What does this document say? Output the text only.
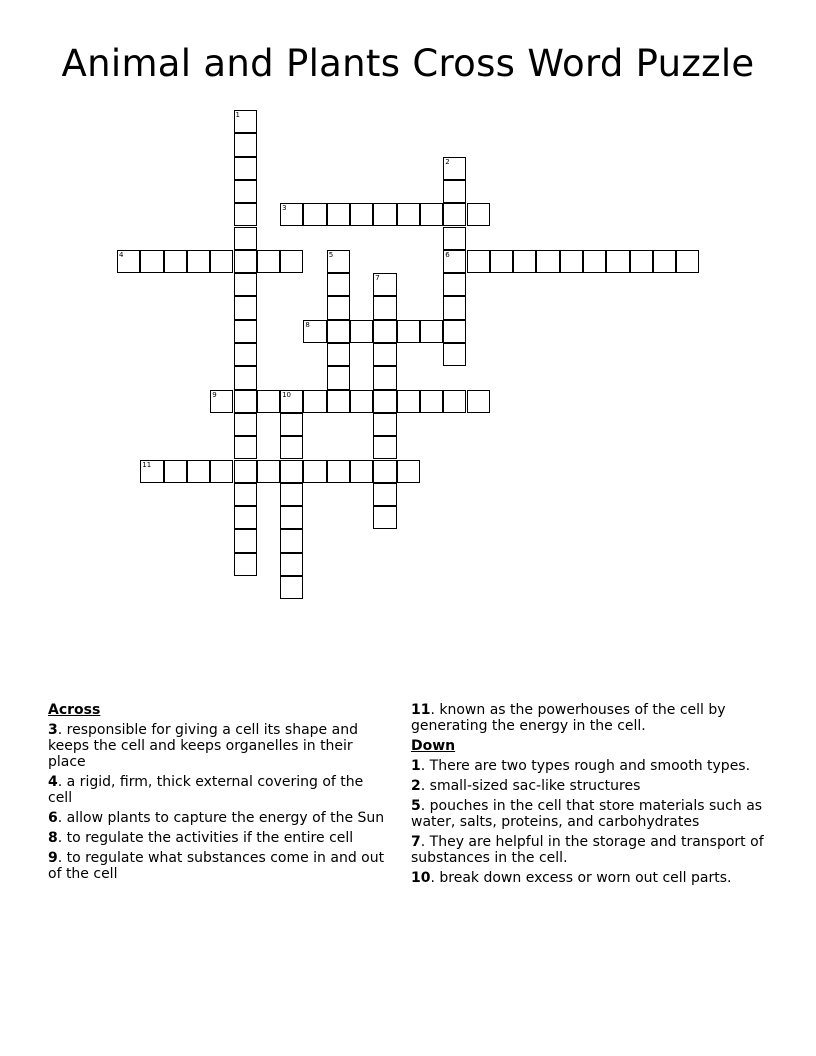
Animal and Plants Cross Word Puzzle
1
2
6
3
4	5
7
8
9	10
11
Across
3. responsible for giving a cell its shape and keeps the cell and keeps organelles in their place
4. a rigid, firm, thick external covering of the cell
6. allow plants to capture the energy of the Sun
8. to regulate the activities if the entire cell
9. to regulate what substances come in and out of the cell
11. known as the powerhouses of the cell by generating the energy in the cell.
Down
1. There are two types rough and smooth types.
2. small-sized sac-like structures
5. pouches in the cell that store materials such as water, salts, proteins, and carbohydrates
7. They are helpful in the storage and transport of substances in the cell.
10. break down excess or worn out cell parts.
